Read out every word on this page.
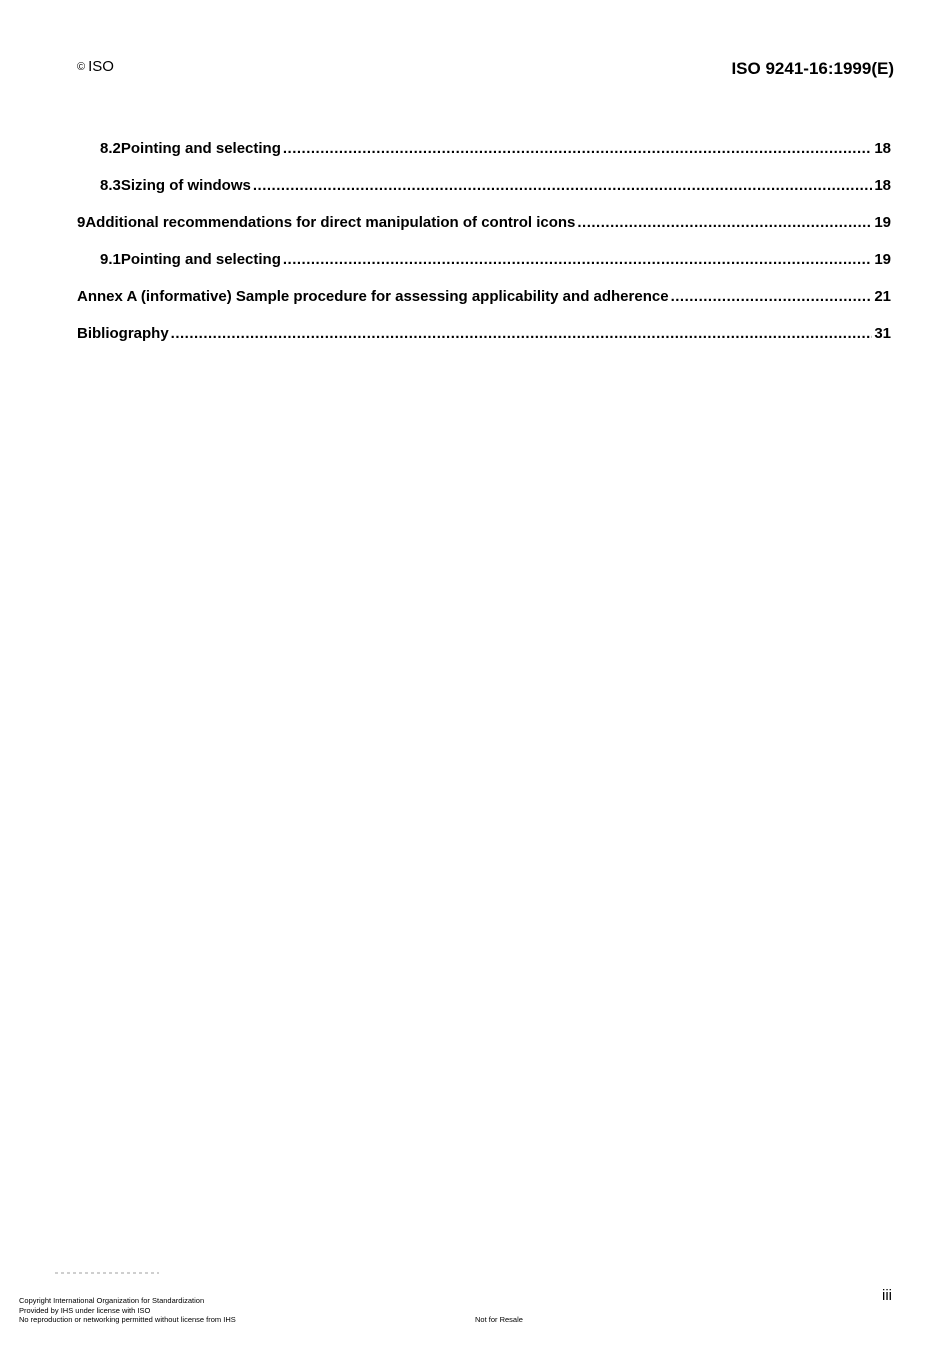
© ISO	ISO 9241-16:1999(E)
8.2 Pointing and selecting .....	18
8.3 Sizing of windows .....	18
9 Additional recommendations for direct manipulation of control icons .....	19
9.1 Pointing and selecting .....	19
Annex A (informative) Sample procedure for assessing applicability and adherence .....	21
Bibliography .....	31
iii
Copyright International Organization for Standardization
Provided by IHS under license with ISO
No reproduction or networking permitted without license from IHS	Not for Resale
